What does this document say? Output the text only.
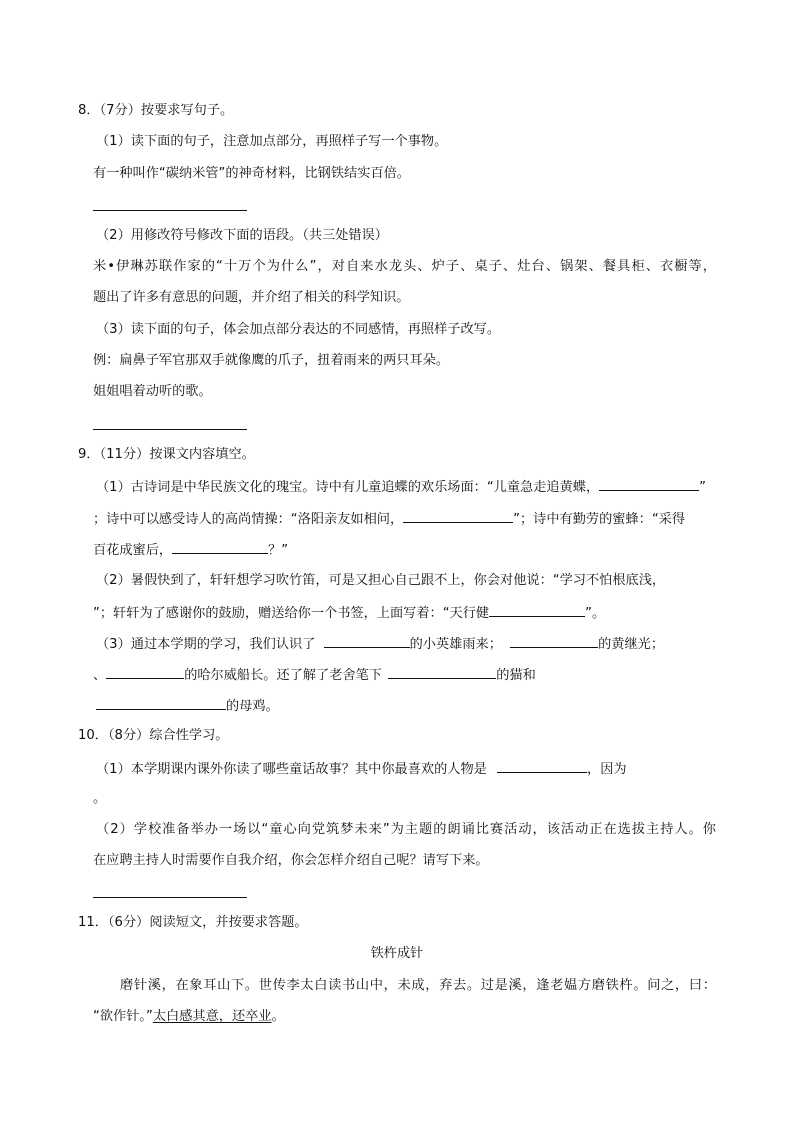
8．（7分）按要求写句子。
（1）读下面的句子，注意加点部分，再照样子写一个事物。
有一种叫作“碳纳米管”的神奇材料，比钢铁结实百倍。
（2）用修改符号修改下面的语段。（共三处错误）
米•伊琳苏联作家的“十万个为什么”，对自来水龙头、炉子、桌子、灶台、锅架、餐具柜、衣橱等，
题出了许多有意思的问题，并介绍了相关的科学知识。
（3）读下面的句子，体会加点部分表达的不同感情，再照样子改写。
例：扁鼻子军官那双手就像鹰的爪子，扭着雨来的两只耳朵。
姐姐唱着动听的歌。
9．（11分）按课文内容填空。
（1）古诗词是中华民族文化的瑰宝。诗中有儿童追蝶的欢乐场面：“儿童急走追黄蝶，	”
；诗中可以感受诗人的高尚情操：“洛阳亲友如相问，	”；诗中有勤劳的蜜蜂：“采得
百花成蜜后，	？”
（2）暑假快到了，轩轩想学习吹竹笛，可是又担心自己跟不上，你会对他说：“学习不怕根底浅，
”；轩轩为了感谢你的鼓励，赠送给你一个书签，上面写着：“天行健	”。
（3）通过本学期的学习，我们认识了	的小英雄雨来；	的黄继光；
、	的哈尔威船长。还了解了老舍笔下	的猫和
的母鸡。
10．（8分）综合性学习。
（1）本学期课内课外你读了哪些童话故事？其中你最喜欢的人物是	，因为
。
（2）学校准备举办一场以“童心向党筑梦未来”为主题的朗诵比赛活动，该活动正在选拔主持人。你
在应聘主持人时需要作自我介绍，你会怎样介绍自己呢？请写下来。
11．（6分）阅读短文，并按要求答题。
铁杵成针
磨针溪，在象耳山下。世传李太白读书山中，未成，弃去。过是溪，逢老媪方磨铁杵。问之，曰：
“欲作针。”太白感其意，还卒业。
